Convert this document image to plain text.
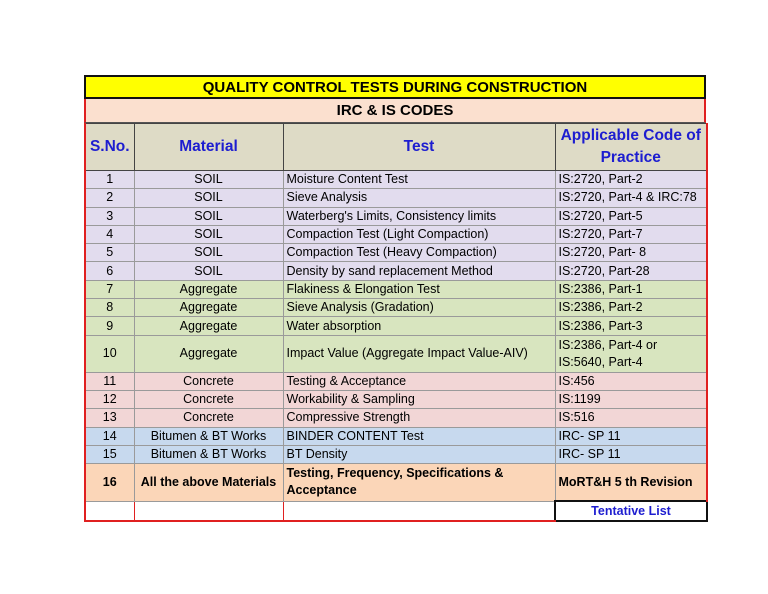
QUALITY CONTROL TESTS DURING CONSTRUCTION
IRC & IS CODES
S.No.	Material	Test	Applicable Code of Practice
1	SOIL	Moisture Content Test	IS:2720, Part-2
2	SOIL	Sieve Analysis	IS:2720, Part-4 & IRC:78
3	SOIL	Waterberg's Limits, Consistency limits	IS:2720, Part-5
4	SOIL	Compaction Test (Light Compaction)	IS:2720, Part-7
5	SOIL	Compaction Test (Heavy Compaction)	IS:2720, Part- 8
6	SOIL	Density by sand replacement Method	IS:2720, Part-28
7	Aggregate	Flakiness & Elongation Test	IS:2386, Part-1
8	Aggregate	Sieve Analysis (Gradation)	IS:2386, Part-2
9	Aggregate	Water absorption	IS:2386, Part-3
10	Aggregate	Impact Value (Aggregate Impact Value-AIV)	IS:2386, Part-4 or IS:5640, Part-4
11	Concrete	Testing & Acceptance	IS:456
12	Concrete	Workability & Sampling	IS:1199
13	Concrete	Compressive Strength	IS:516
14	Bitumen & BT Works	BINDER CONTENT Test	IRC- SP 11
15	Bitumen & BT Works	BT Density	IRC- SP 11
16	All the above Materials	Testing, Frequency, Specifications & Acceptance	MoRT&H 5 th Revision
			Tentative List
